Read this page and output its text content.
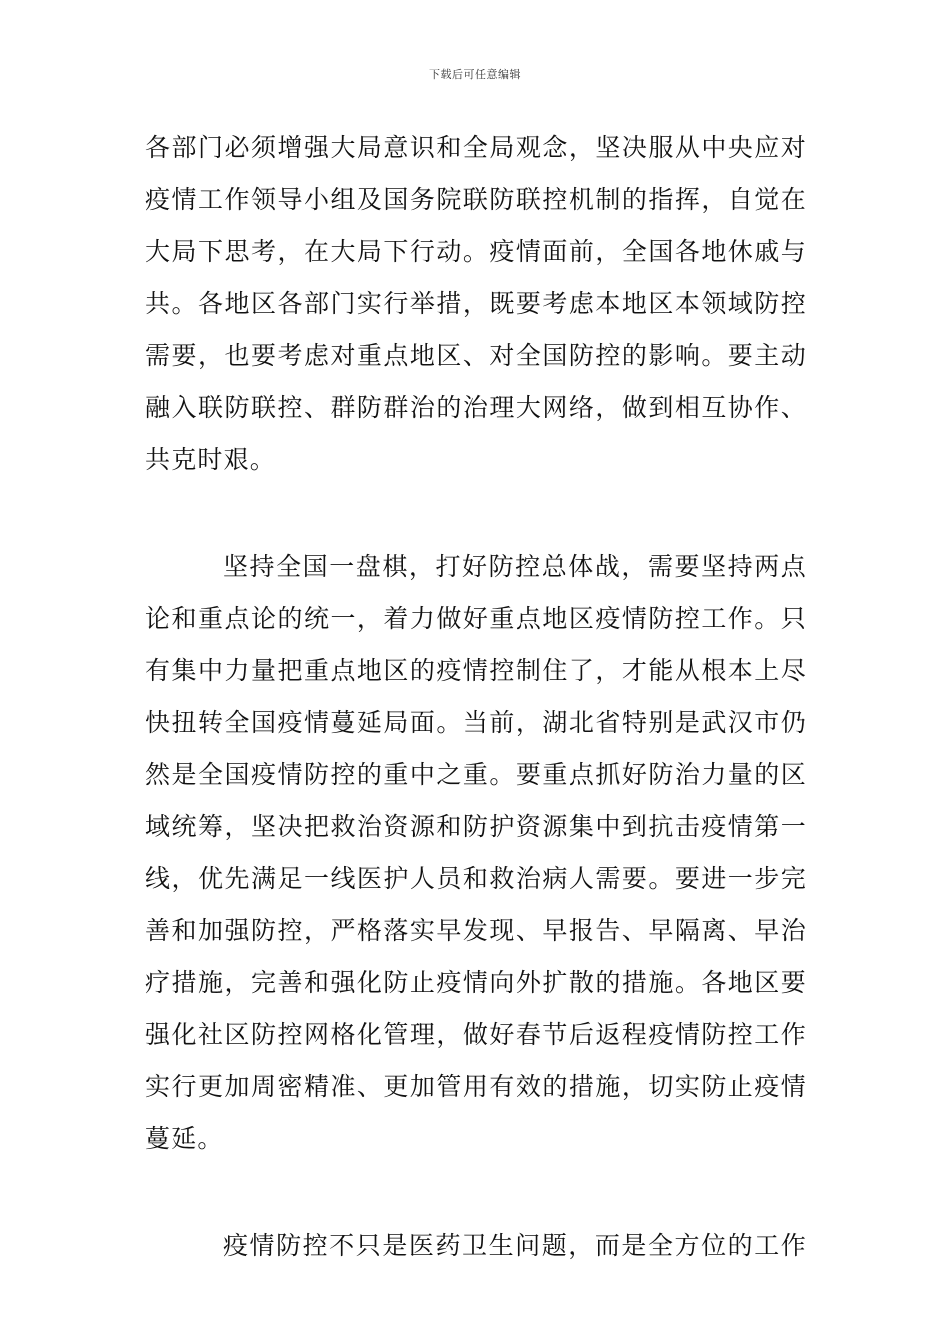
下载后可任意编辑
各部门必须增强大局意识和全局观念，坚决服从中央应对
疫情工作领导小组及国务院联防联控机制的指挥，自觉在
大局下思考，在大局下行动。疫情面前，全国各地休戚与
共。各地区各部门实行举措，既要考虑本地区本领域防控
需要，也要考虑对重点地区、对全国防控的影响。要主动
融入联防联控、群防群治的治理大网络，做到相互协作、
共克时艰。
坚持全国一盘棋，打好防控总体战，需要坚持两点
论和重点论的统一，着力做好重点地区疫情防控工作。只
有集中力量把重点地区的疫情控制住了，才能从根本上尽
快扭转全国疫情蔓延局面。当前，湖北省特别是武汉市仍
然是全国疫情防控的重中之重。要重点抓好防治力量的区
域统筹，坚决把救治资源和防护资源集中到抗击疫情第一
线，优先满足一线医护人员和救治病人需要。要进一步完
善和加强防控，严格落实早发现、早报告、早隔离、早治
疗措施，完善和强化防止疫情向外扩散的措施。各地区要
强化社区防控网格化管理，做好春节后返程疫情防控工作
实行更加周密精准、更加管用有效的措施，切实防止疫情
蔓延。
疫情防控不只是医药卫生问题，而是全方位的工作
